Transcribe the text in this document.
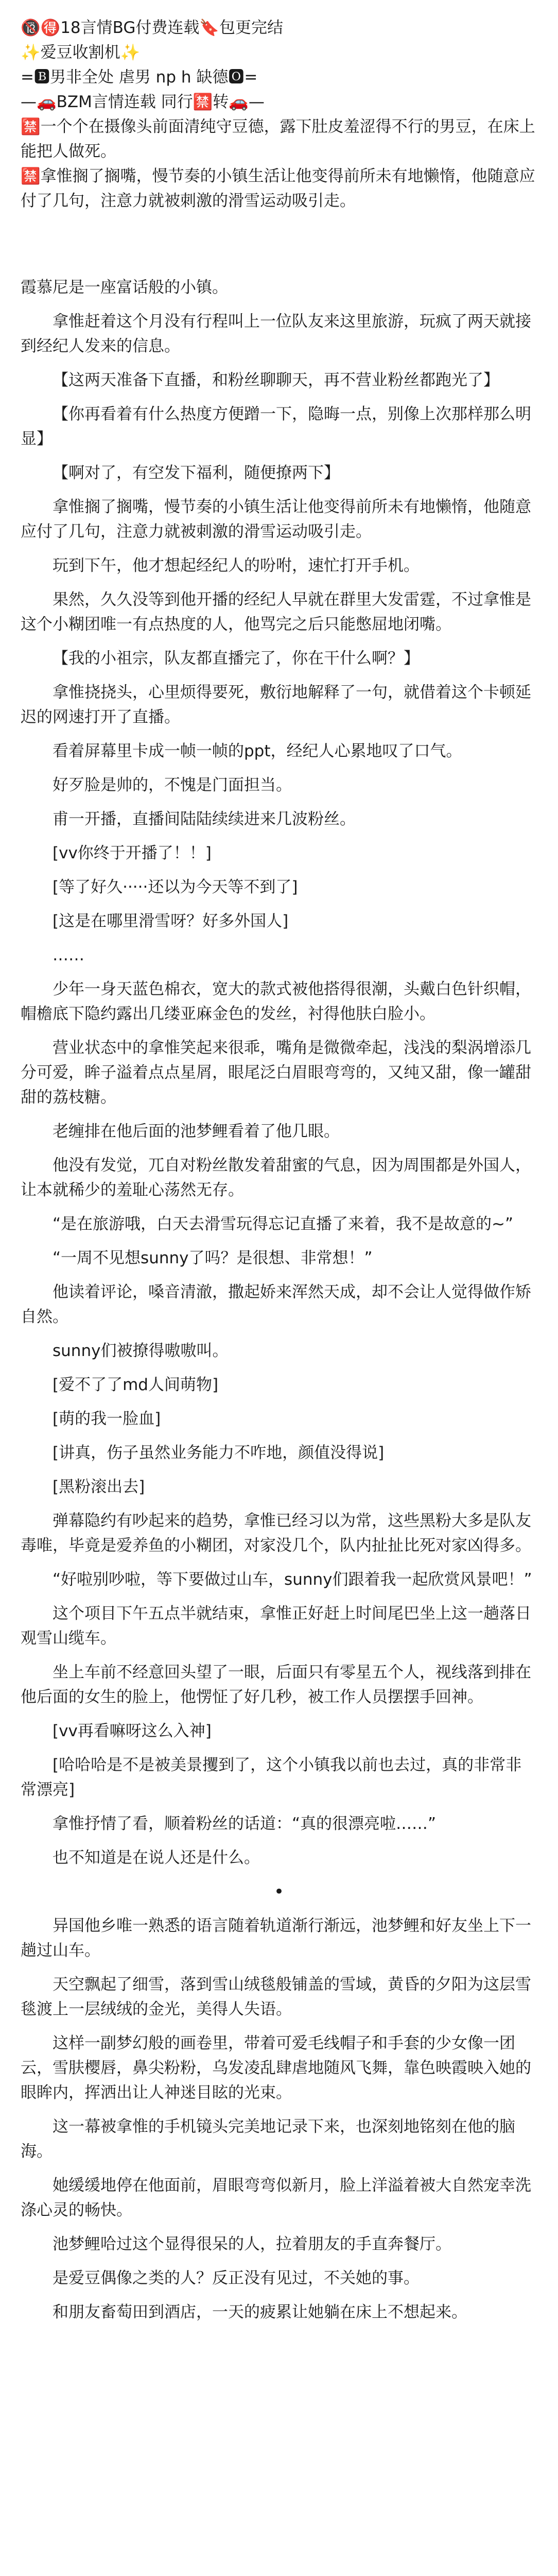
🔞🉐18言情BG付费连载🔖包更完结
✨爱豆收割机✨
=🅱男非全处 虐男 np h 缺德🅾=
—🚗BZM言情连载 同行🈲转🚗—
🈲一个个在摄像头前面清纯守豆德，露下肚皮羞涩得不行的男豆，在床上能把人做死。
🈲拿惟搁了搁嘴，慢节奏的小镇生活让他变得前所未有地懒惰，他随意应付了几句，注意力就被刺激的滑雪运动吸引走。

霞慕尼是一座富话般的小镇。

拿惟赶着这个月没有行程叫上一位队友来这里旅游，玩疯了两天就接到经纪人发来的信息。

【这两天准备下直播，和粉丝聊聊天，再不营业粉丝都跑光了】

【你再看着有什么热度方便蹭一下，隐晦一点，别像上次那样那么明显】

【啊对了，有空发下福利，随便撩两下】

拿惟搁了搁嘴，慢节奏的小镇生活让他变得前所未有地懒惰，他随意应付了几句，注意力就被刺激的滑雪运动吸引走。

玩到下午，他才想起经纪人的吩咐，速忙打开手机。

果然，久久没等到他开播的经纪人早就在群里大发雷霆，不过拿惟是这个小糊团唯一有点热度的人，他骂完之后只能憋屈地闭嘴。

【我的小祖宗，队友都直播完了，你在干什么啊？】

拿惟挠挠头，心里烦得要死，敷衍地解释了一句，就借着这个卡顿延迟的网速打开了直播。

看着屏幕里卡成一帧一帧的ppt，经纪人心累地叹了口气。

好歹脸是帅的，不愧是门面担当。

甫一开播，直播间陆陆续续进来几波粉丝。

[vv你终于开播了！！]

[等了好久·····还以为今天等不到了]

[这是在哪里滑雪呀？好多外国人]

……

少年一身天蓝色棉衣，宽大的款式被他搭得很潮，头戴白色针织帽，帽檐底下隐约露出几缕亚麻金色的发丝，衬得他肤白脸小。

营业状态中的拿惟笑起来很乖，嘴角是微微牵起，浅浅的梨涡增添几分可爱，眸子溢着点点星屑，眼尾泛白眉眼弯弯的，又纯又甜，像一罐甜甜的荔枝糖。

老缠排在他后面的池梦鲤看着了他几眼。

他没有发觉，兀自对粉丝散发着甜蜜的气息，因为周围都是外国人，让本就稀少的羞耻心荡然无存。

“是在旅游哦，白天去滑雪玩得忘记直播了来着，我不是故意的~”

“一周不见想sunny了吗？是很想、非常想！”

他读着评论，嗓音清澈，撒起娇来浑然天成，却不会让人觉得做作矫自然。

sunny们被撩得嗷嗷叫。

[爱不了了md人间萌物]

[萌的我一脸血]

[讲真，伤子虽然业务能力不咋地，颜值没得说]

[黑粉滚出去]

弹幕隐约有吵起来的趋势，拿惟已经习以为常，这些黑粉大多是队友毒唯，毕竟是爱养鱼的小糊团，对家没几个，队内扯扯比死对家凶得多。

“好啦别吵啦，等下要做过山车，sunny们跟着我一起欣赏风景吧！”

这个项目下午五点半就结束，拿惟正好赶上时间尾巴坐上这一趟落日观雪山缆车。

坐上车前不经意回头望了一眼，后面只有零星五个人，视线落到排在他后面的女生的脸上，他愣怔了好几秒，被工作人员摆摆手回神。

[vv再看嘛呀这么入神]

[哈哈哈是不是被美景攫到了，这个小镇我以前也去过，真的非常非常漂亮]

拿惟抒情了看，顺着粉丝的话道：“真的很漂亮啦……”

也不知道是在说人还是什么。

•

异国他乡唯一熟悉的语言随着轨道渐行渐远，池梦鲤和好友坐上下一趟过山车。

天空飘起了细雪，落到雪山绒毯般铺盖的雪域，黄昏的夕阳为这层雪毯渡上一层绒绒的金光，美得人失语。

这样一副梦幻般的画卷里，带着可爱毛线帽子和手套的少女像一团云，雪肤樱唇，鼻尖粉粉，乌发凌乱肆虐地随风飞舞，靠色映霞映入她的眼眸内，挥洒出让人神迷目眩的光束。

这一幕被拿惟的手机镜头完美地记录下来，也深刻地铭刻在他的脑海。

她缓缓地停在他面前，眉眼弯弯似新月，脸上洋溢着被大自然宠幸洗涤心灵的畅快。

池梦鲤哈过这个显得很呆的人，拉着朋友的手直奔餐厅。

是爱豆偶像之类的人？反正没有见过，不关她的事。

和朋友畜萄田到酒店，一天的疲累让她躺在床上不想起来。
